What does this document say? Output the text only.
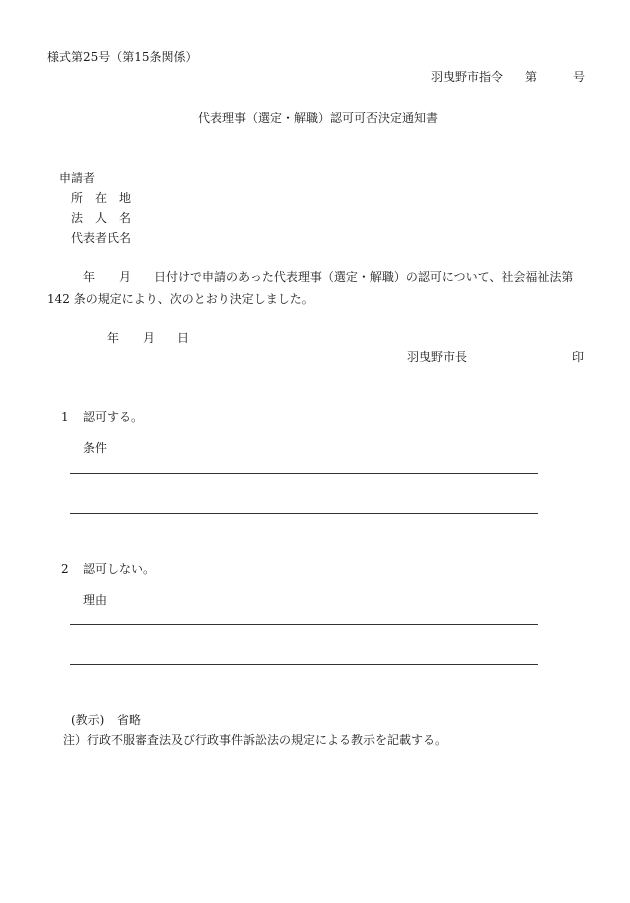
様式第25号（第15条関係）
羽曳野市指令 第	号
代表理事（選定・解職）認可可否決定通知書
申請者
所　在　地
法　人　名
代表者氏名
年 月	日付けで申請のあった代表理事（選定・解職）の認可について、社会福祉法第 142 条の規定により、次のとおり決定しました。
年 月 日
羽曳野市長	印
1 認可する。
条件
2 認可しない。
理由
(教示) 省略
注）行政不服審査法及び行政事件訴訟法の規定による教示を記載する。
